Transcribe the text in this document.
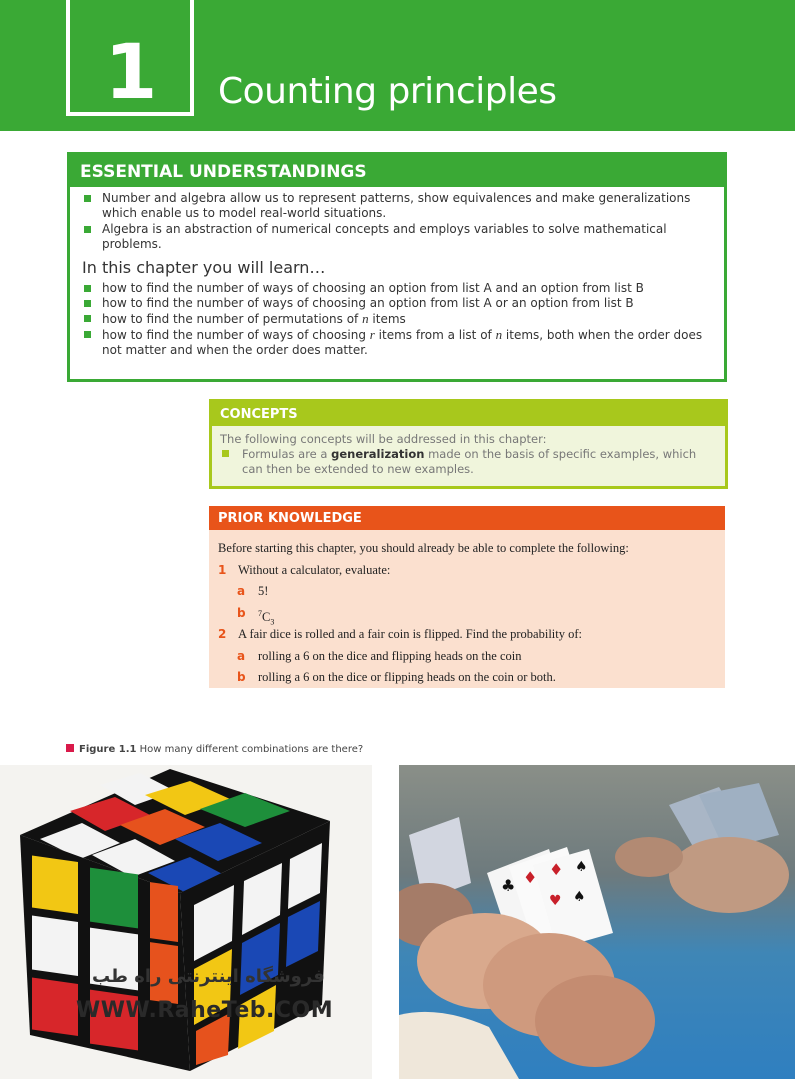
1	Counting principles
ESSENTIAL UNDERSTANDINGS
Number and algebra allow us to represent patterns, show equivalences and make generalizations which enable us to model real-world situations.
Algebra is an abstraction of numerical concepts and employs variables to solve mathematical problems.
In this chapter you will learn…
how to find the number of ways of choosing an option from list A and an option from list B
how to find the number of ways of choosing an option from list A or an option from list B
how to find the number of permutations of n items
how to find the number of ways of choosing r items from a list of n items, both when the order does not matter and when the order does matter.
CONCEPTS
The following concepts will be addressed in this chapter:
Formulas are a generalization made on the basis of specific examples, which can then be extended to new examples.
PRIOR KNOWLEDGE
Before starting this chapter, you should already be able to complete the following:
1 Without a calculator, evaluate:
a 5!
b $^7C_3$
2 A fair dice is rolled and a fair coin is flipped. Find the probability of:
a rolling a 6 on the dice and flipping heads on the coin
b rolling a 6 on the dice or flipping heads on the coin or both.
Figure 1.1 How many different combinations are there?
فروشگاه اینترنتی راه طب
WWW.RaheTeb.COM
♣ ♦ ♦ ♠
♥ ♠
